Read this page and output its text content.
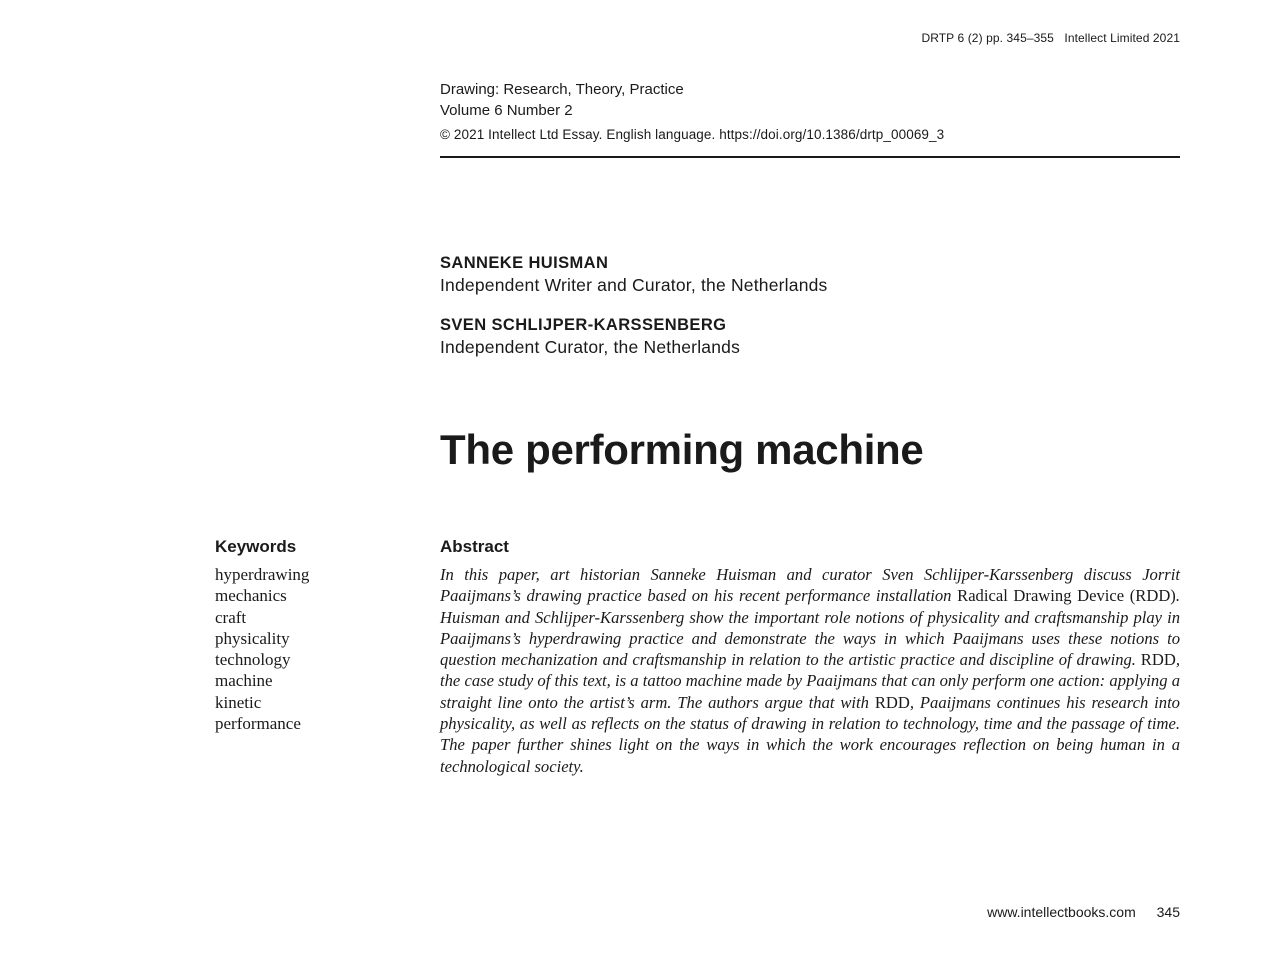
DRTP 6 (2) pp. 345–355 Intellect Limited 2021
Drawing: Research, Theory, Practice
Volume 6 Number 2
© 2021 Intellect Ltd Essay. English language. https://doi.org/10.1386/drtp_00069_3
SANNEKE HUISMAN
Independent Writer and Curator, the Netherlands
SVEN SCHLIJPER-KARSSENBERG
Independent Curator, the Netherlands
The performing machine
Keywords
hyperdrawing
mechanics
craft
physicality
technology
machine
kinetic
performance
Abstract

In this paper, art historian Sanneke Huisman and curator Sven Schlijper-Karssenberg discuss Jorrit Paaijmans’s drawing practice based on his recent performance installation Radical Drawing Device (RDD). Huisman and Schlijper-Karssenberg show the important role notions of physicality and craftsmanship play in Paaijmans’s hyperdrawing practice and demonstrate the ways in which Paaijmans uses these notions to question mechanization and craftsmanship in relation to the artistic practice and discipline of drawing. RDD, the case study of this text, is a tattoo machine made by Paaijmans that can only perform one action: applying a straight line onto the artist’s arm. The authors argue that with RDD, Paaijmans continues his research into physicality, as well as reflects on the status of drawing in relation to technology, time and the passage of time. The paper further shines light on the ways in which the work encourages reflection on being human in a technological society.

www.intellectbooks.com 345
